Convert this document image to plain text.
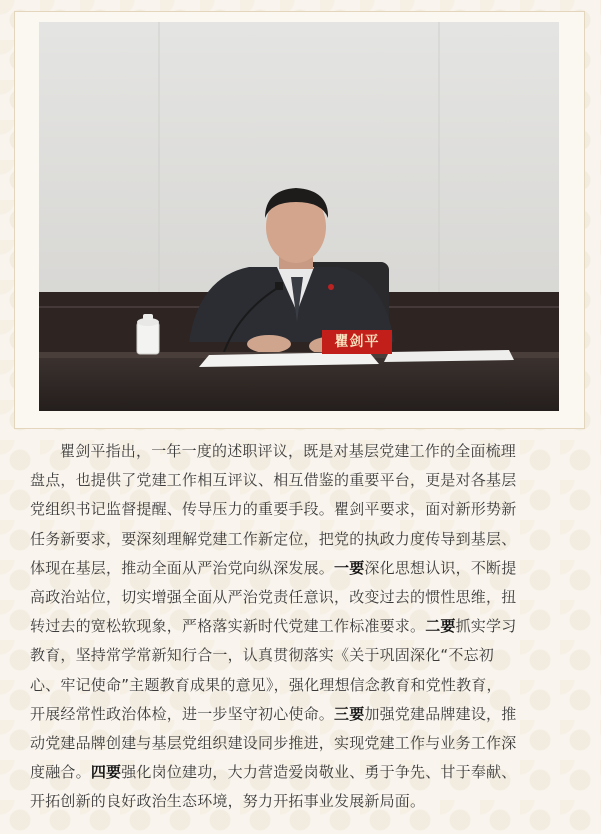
瞿剑平
瞿剑平指出，一年一度的述职评议，既是对基层党建工作的全面梳理
盘点，也提供了党建工作相互评议、相互借鉴的重要平台，更是对各基层
党组织书记监督提醒、传导压力的重要手段。瞿剑平要求，面对新形势新
任务新要求，要深刻理解党建工作新定位，把党的执政力度传导到基层、
体现在基层，推动全面从严治党向纵深发展。一要深化思想认识，不断提
高政治站位，切实增强全面从严治党责任意识，改变过去的惯性思维，扭
转过去的宽松软现象，严格落实新时代党建工作标准要求。二要抓实学习
教育，坚持常学常新知行合一，认真贯彻落实《关于巩固深化“不忘初
心、牢记使命”主题教育成果的意见》，强化理想信念教育和党性教育，
开展经常性政治体检，进一步坚守初心使命。三要加强党建品牌建设，推
动党建品牌创建与基层党组织建设同步推进，实现党建工作与业务工作深
度融合。四要强化岗位建功，大力营造爱岗敬业、勇于争先、甘于奉献、
开拓创新的良好政治生态环境，努力开拓事业发展新局面。
